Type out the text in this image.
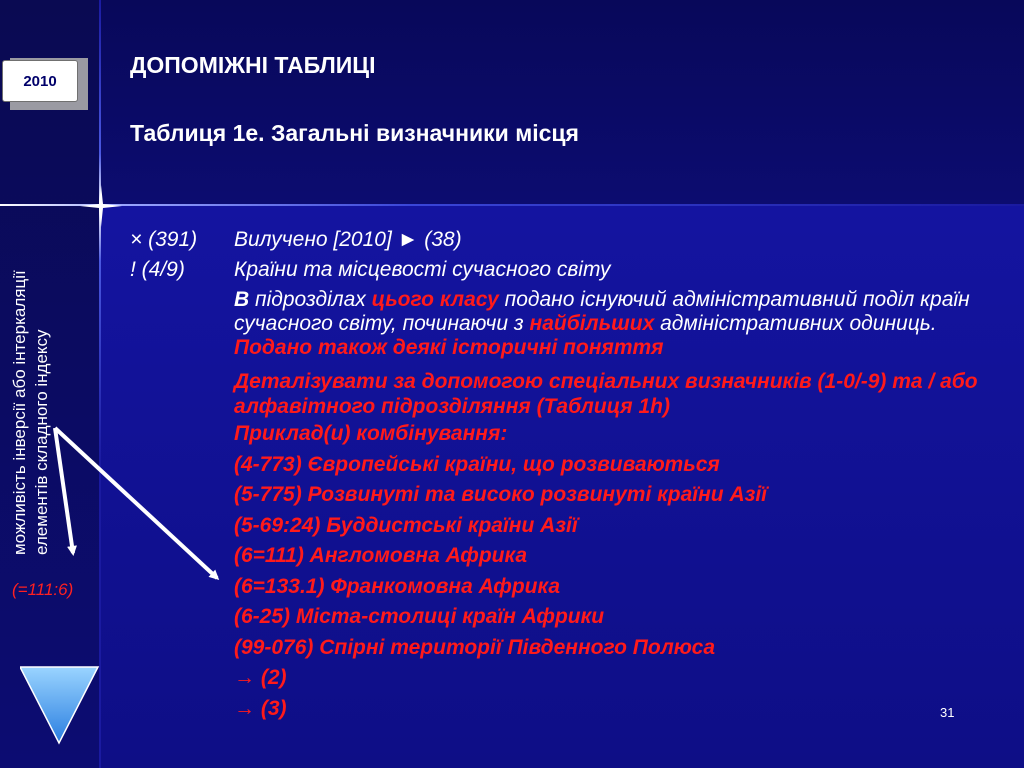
2010
можливість інверсії або інтеркаляції елементів складного індексу
(=111:6)
ДОПОМІЖНІ ТАБЛИЦІ
Таблиця 1е. Загальні визначники місця
× (391)	Вилучено [2010] ► (38)
! (4/9)	Країни та місцевості сучасного світу
В підрозділах цього класу подано існуючий адміністративний поділ країн сучасного світу, починаючи з найбільших адміністративних одиниць. Подано також деякі історичні поняття
Деталізувати за допомогою спеціальних визначників (1-0/-9) та / або алфавітного підрозділяння (Таблиця 1h)
Приклад(и) комбінування:
(4-773) Європейські країни, що розвиваються
(5-775) Розвинуті та високо розвинуті країни Азії
(5-69:24) Буддистські країни Азії
(6=111) Англомовна Африка
(6=133.1) Франкомовна Африка
(6-25) Міста-столиці країн Африки
(99-076) Спірні території Південного Полюса
→ (2)
→ (3)	31
